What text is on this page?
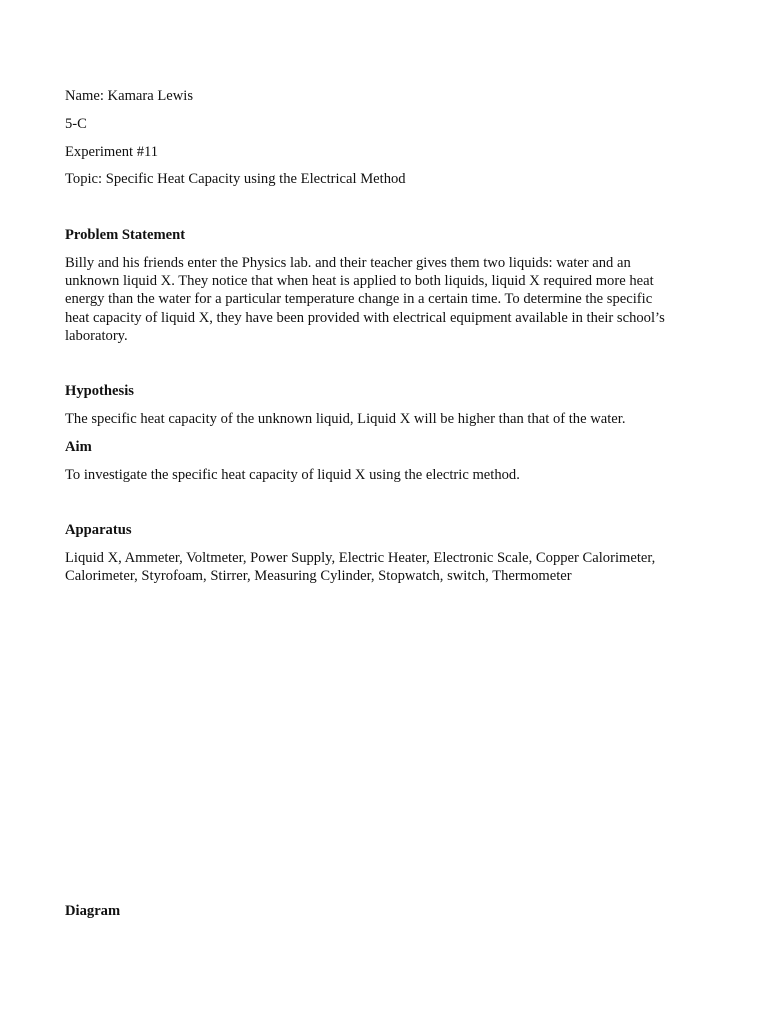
Name: Kamara Lewis
5-C
Experiment #11
Topic: Specific Heat Capacity using the Electrical Method
Problem Statement
Billy and his friends enter the Physics lab. and their teacher gives them two liquids: water and an
unknown liquid X. They notice that when heat is applied to both liquids, liquid X required more heat
energy than the water for a particular temperature change in a certain time. To determine the specific
heat capacity of liquid X, they have been provided with electrical equipment available in their school’s
laboratory.
Hypothesis
The specific heat capacity of the unknown liquid, Liquid X will be higher than that of the water.
Aim
To investigate the specific heat capacity of liquid X using the electric method.
Apparatus
Liquid X, Ammeter, Voltmeter, Power Supply, Electric Heater, Electronic Scale, Copper Calorimeter,
Calorimeter, Styrofoam, Stirrer, Measuring Cylinder, Stopwatch, switch, Thermometer
Diagram
